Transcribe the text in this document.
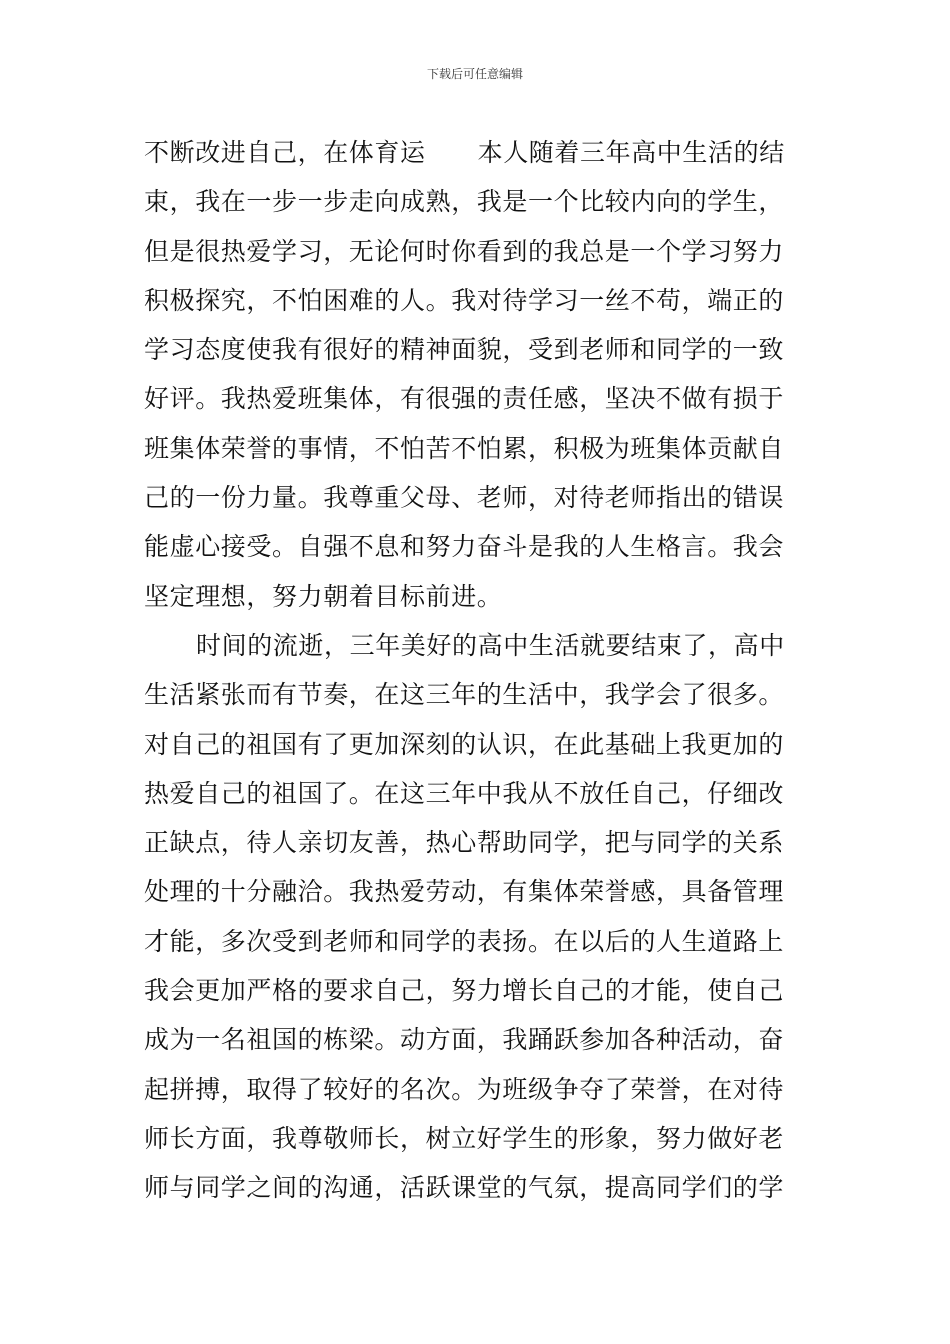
下载后可任意编辑
不断改进自己，在体育运 本人随着三年高中生活的结
束，我在一步一步走向成熟，我是一个比较内向的学生，
但是很热爱学习，无论何时你看到的我总是一个学习努力
积极探究，不怕困难的人。我对待学习一丝不苟，端正的
学习态度使我有很好的精神面貌，受到老师和同学的一致
好评。我热爱班集体，有很强的责任感，坚决不做有损于
班集体荣誉的事情，不怕苦不怕累，积极为班集体贡献自
己的一份力量。我尊重父母、老师，对待老师指出的错误
能虚心接受。自强不息和努力奋斗是我的人生格言。我会
坚定理想，努力朝着目标前进。
时间的流逝，三年美好的高中生活就要结束了，高中
生活紧张而有节奏，在这三年的生活中，我学会了很多。
对自己的祖国有了更加深刻的认识，在此基础上我更加的
热爱自己的祖国了。在这三年中我从不放任自己，仔细改
正缺点，待人亲切友善，热心帮助同学，把与同学的关系
处理的十分融洽。我热爱劳动，有集体荣誉感，具备管理
才能，多次受到老师和同学的表扬。在以后的人生道路上
我会更加严格的要求自己，努力增长自己的才能，使自己
成为一名祖国的栋梁。动方面，我踊跃参加各种活动，奋
起拼搏，取得了较好的名次。为班级争夺了荣誉，在对待
师长方面，我尊敬师长，树立好学生的形象，努力做好老
师与同学之间的沟通，活跃课堂的气氛，提高同学们的学
